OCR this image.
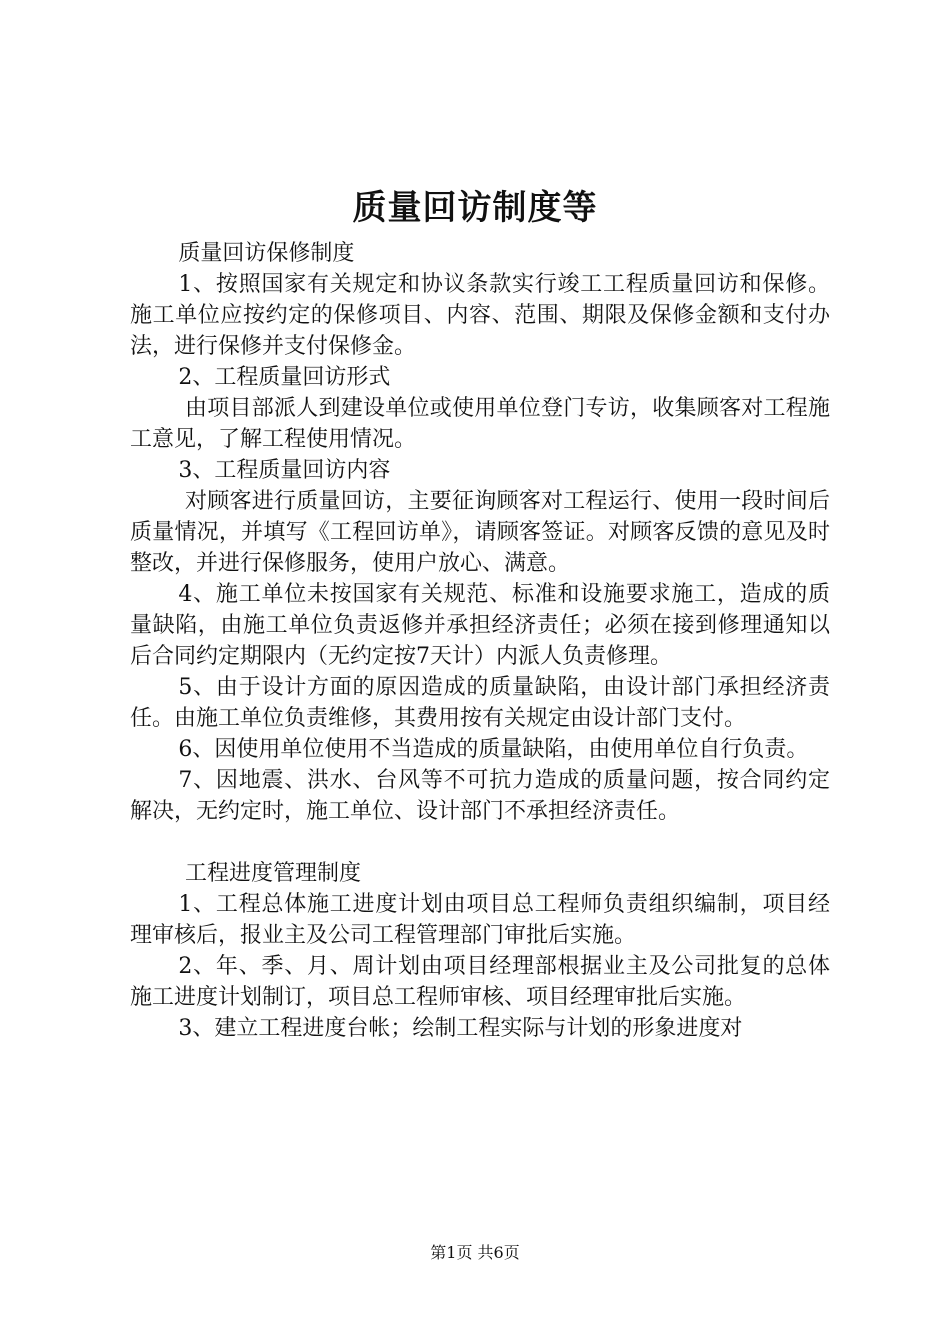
质量回访制度等

质量回访保修制度

1、按照国家有关规定和协议条款实行竣工工程质量回访和保修。施工单位应按约定的保修项目、内容、范围、期限及保修金额和支付办法，进行保修并支付保修金。

2、工程质量回访形式

由项目部派人到建设单位或使用单位登门专访，收集顾客对工程施工意见，了解工程使用情况。

3、工程质量回访内容

对顾客进行质量回访，主要征询顾客对工程运行、使用一段时间后质量情况，并填写《工程回访单》，请顾客签证。对顾客反馈的意见及时整改，并进行保修服务，使用户放心、满意。

4、施工单位未按国家有关规范、标准和设施要求施工，造成的质量缺陷，由施工单位负责返修并承担经济责任；必须在接到修理通知以后合同约定期限内（无约定按7天计）内派人负责修理。

5、由于设计方面的原因造成的质量缺陷，由设计部门承担经济责任。由施工单位负责维修，其费用按有关规定由设计部门支付。

6、因使用单位使用不当造成的质量缺陷，由使用单位自行负责。

7、因地震、洪水、台风等不可抗力造成的质量问题，按合同约定解决，无约定时，施工单位、设计部门不承担经济责任。

工程进度管理制度

1、工程总体施工进度计划由项目总工程师负责组织编制，项目经理审核后，报业主及公司工程管理部门审批后实施。

2、年、季、月、周计划由项目经理部根据业主及公司批复的总体施工进度计划制订，项目总工程师审核、项目经理审批后实施。

3、建立工程进度台帐；绘制工程实际与计划的形象进度对

第1页 共6页
